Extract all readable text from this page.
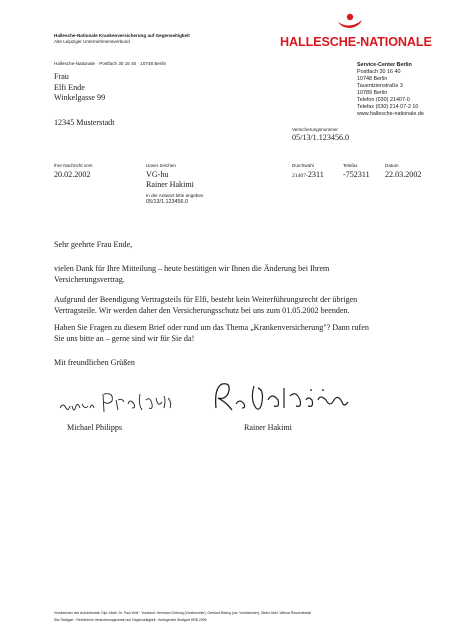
Hallesche-Nationale Krankenversicherung auf Gegenseitigkeit
Alte Leipziger Unternehmensverbund	HALLESCHE-NATIONALE
Hallesche-Nationale · Postfach 30 16 40 · 10748 Berlin
Frau
Elfi Ende
Winkelgasse 99
12345 Musterstadt
Service-Center Berlin
Postfach 30 16 40
10748 Berlin
Tauentzienstraße 3
10789 Berlin
Telefon (030) 21407-0
Telefax (030) 214 07-2 10
www.hallesche-nationale.de
Versicherungsnummer
05/13/1.123456.0
Ihre Nachricht vom
20.02.2002
Unser Zeichen
VG-hu
Rainer Hakimi
In der Antwort bitte angeben
05/13/1.123456.0
Durchwahl
21407-2311
Telefax
-752311
Datum
22.03.2002
Sehr geehrte Frau Ende,
vielen Dank für Ihre Mitteilung – heute bestätigen wir Ihnen die Änderung bei Ihrem
Versicherungsvertrag.
Aufgrund der Beendigung Vertragsteils für Elfi, besteht kein Weiterführungsrecht der übrigen
Vertragsteile. Wir werden daher den Versicherungsschutz bei uns zum 01.05.2002 beenden.
Haben Sie Fragen zu diesem Brief oder rund um das Thema „Krankenversicherung"? Dann rufen
Sie uns bitte an – gerne sind wir für Sie da!
Mit freundlichen Grüßen
Michael Philipps	Rainer Hakimi
Vorsitzender des Aufsichtsrats: Dipl.-Math. Dr. Paul Wolf · Vorstand: Hermann Göbring (Vorsitzender), Gerhard Bitzing (stv. Vorsitzender), Dieter Abel, Wilmar Rösnerlewski
Sitz Stuttgart · Rechtsform Versicherungsverein auf Gegenseitigkeit · Amtsgericht Stuttgart HRB 2096
